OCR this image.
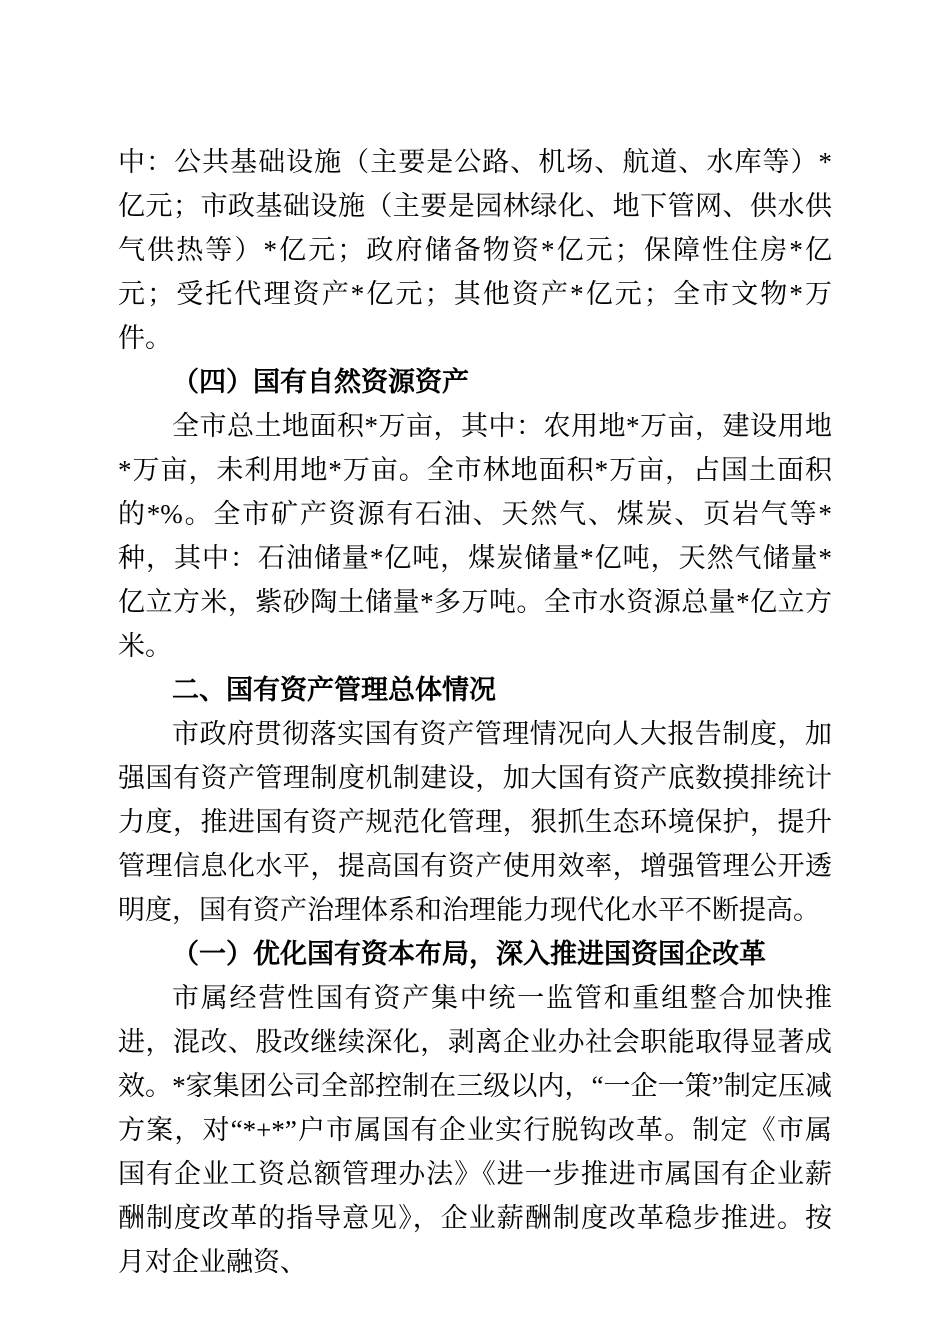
中：公共基础设施（主要是公路、机场、航道、水库等）*亿元；市政基础设施（主要是园林绿化、地下管网、供水供气供热等）*亿元；政府储备物资*亿元；保障性住房*亿元；受托代理资产*亿元；其他资产*亿元；全市文物*万件。

（四）国有自然资源资产

全市总土地面积*万亩，其中：农用地*万亩，建设用地*万亩，未利用地*万亩。全市林地面积*万亩，占国土面积的*%。全市矿产资源有石油、天然气、煤炭、页岩气等*种，其中：石油储量*亿吨，煤炭储量*亿吨，天然气储量*亿立方米，紫砂陶土储量*多万吨。全市水资源总量*亿立方米。

二、国有资产管理总体情况

市政府贯彻落实国有资产管理情况向人大报告制度，加强国有资产管理制度机制建设，加大国有资产底数摸排统计力度，推进国有资产规范化管理，狠抓生态环境保护，提升管理信息化水平，提高国有资产使用效率，增强管理公开透明度，国有资产治理体系和治理能力现代化水平不断提高。

（一）优化国有资本布局，深入推进国资国企改革

市属经营性国有资产集中统一监管和重组整合加快推进，混改、股改继续深化，剥离企业办社会职能取得显著成效。*家集团公司全部控制在三级以内，“一企一策”制定压减方案，对“*+*”户市属国有企业实行脱钩改革。制定《市属国有企业工资总额管理办法》《进一步推进市属国有企业薪酬制度改革的指导意见》，企业薪酬制度改革稳步推进。按月对企业融资、
